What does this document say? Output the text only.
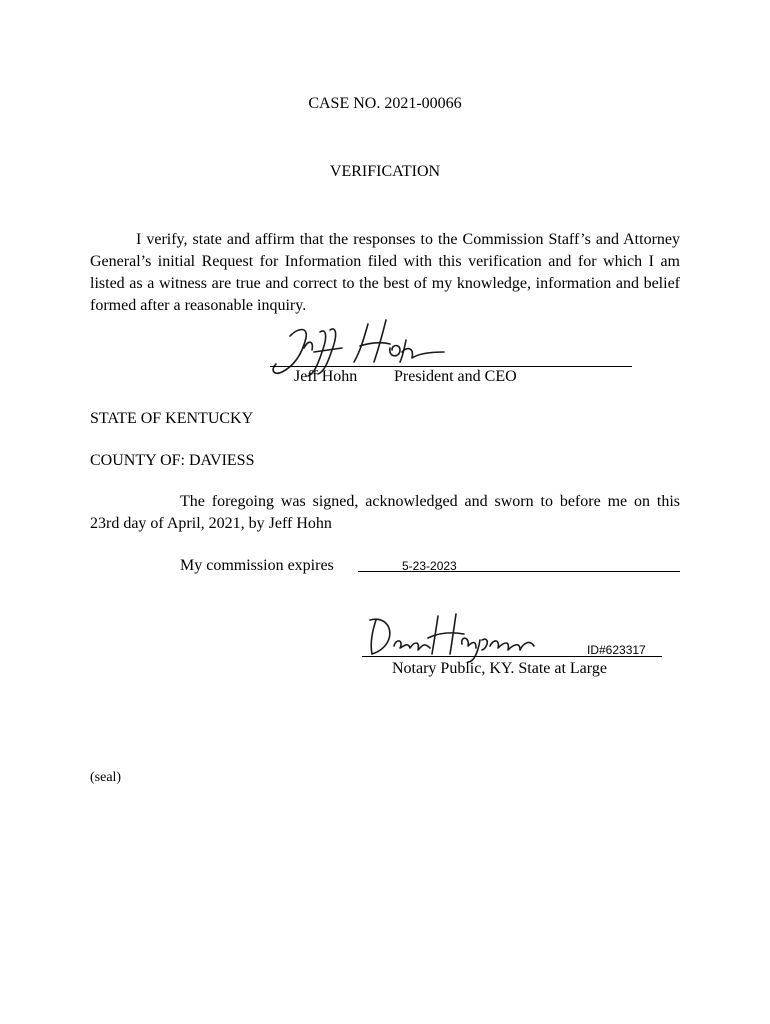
CASE NO. 2021-00066
VERIFICATION
I verify, state and affirm that the responses to the Commission Staff’s and Attorney General’s initial Request for Information filed with this verification and for which I am listed as a witness are true and correct to the best of my knowledge, information and belief formed after a reasonable inquiry.
Jeff Hohn President and CEO
STATE OF KENTUCKY
COUNTY OF: DAVIESS
The foregoing was signed, acknowledged and sworn to before me on this 23rd day of April, 2021, by Jeff Hohn
My commission expires	5-23-2023
ID#623317
Notary Public, KY. State at Large
(seal)
